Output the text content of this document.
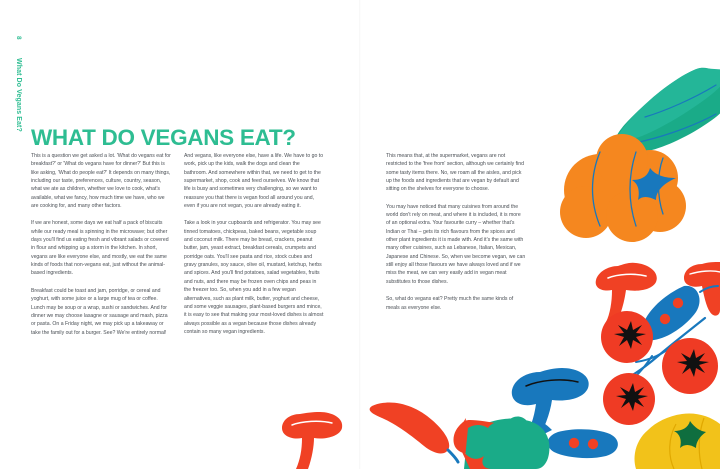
8
What Do Vegans Eat?
WHAT DO VEGANS EAT?

This is a question we get asked a lot. 'What do vegans eat for breakfast?' or 'What do vegans have for dinner?' But this is like asking, 'What do people eat?' It depends on many things, including our taste, preferences, culture, country, season, what we ate as children, whether we love to cook, what's available, what we fancy, how much time we have, who we are cooking for, and many other factors.

If we are honest, some days we eat half a pack of biscuits while our ready meal is spinning in the microwave; but other days you'll find us eating fresh and vibrant salads or covered in flour and whipping up a storm in the kitchen. In short, vegans are like everyone else, and mostly, we eat the same kinds of foods that non-vegans eat, just without the animal-based ingredients.

Breakfast could be toast and jam, porridge, or cereal and yoghurt, with some juice or a large mug of tea or coffee. Lunch may be soup or a wrap, sushi or sandwiches. And for dinner we may choose lasagne or sausage and mash, pizza or pasta. On a Friday night, we may pick up a takeaway or take the family out for a burger. See? We're entirely normal!

And vegans, like everyone else, have a life. We have to go to work, pick up the kids, walk the dogs and clean the bathroom. And somewhere within that, we need to get to the supermarket, shop, cook and feed ourselves. We know that life is busy and sometimes very challenging, so we want to reassure you that there is vegan food all around you and, even if you are not vegan, you are already eating it.

Take a look in your cupboards and refrigerator. You may see tinned tomatoes, chickpeas, baked beans, vegetable soup and coconut milk. There may be bread, crackers, peanut butter, jam, yeast extract, breakfast cereals, crumpets and porridge oats. You'll see pasta and rice, stock cubes and gravy granules, soy sauce, olive oil, mustard, ketchup, herbs and spices. And you'll find potatoes, salad vegetables, fruits and nuts, and there may be frozen oven chips and peas in the freezer too. So, when you add in a few vegan alternatives, such as plant milk, butter, yoghurt and cheese, and some veggie sausages, plant-based burgers and mince, it is easy to see that making your most-loved dishes is almost always possible as a vegan because those dishes already contain so many vegan ingredients.

This means that, at the supermarket, vegans are not restricted to the 'free from' section, although we certainly find some tasty items there. No, we roam all the aisles, and pick up the foods and ingredients that are vegan by default and sitting on the shelves for everyone to choose.

You may have noticed that many cuisines from around the world don't rely on meat, and where it is included, it is more of an optional extra. Your favourite curry – whether that's Indian or Thai – gets its rich flavours from the spices and other plant ingredients it is made with. And it's the same with many other cuisines, such as Lebanese, Italian, Mexican, Japanese and Chinese. So, when we become vegan, we can still enjoy all those flavours we have always loved and if we miss the meat, we can very easily add in vegan meat substitutes to those dishes.

So, what do vegans eat? Pretty much the same kinds of meals as everyone else.
